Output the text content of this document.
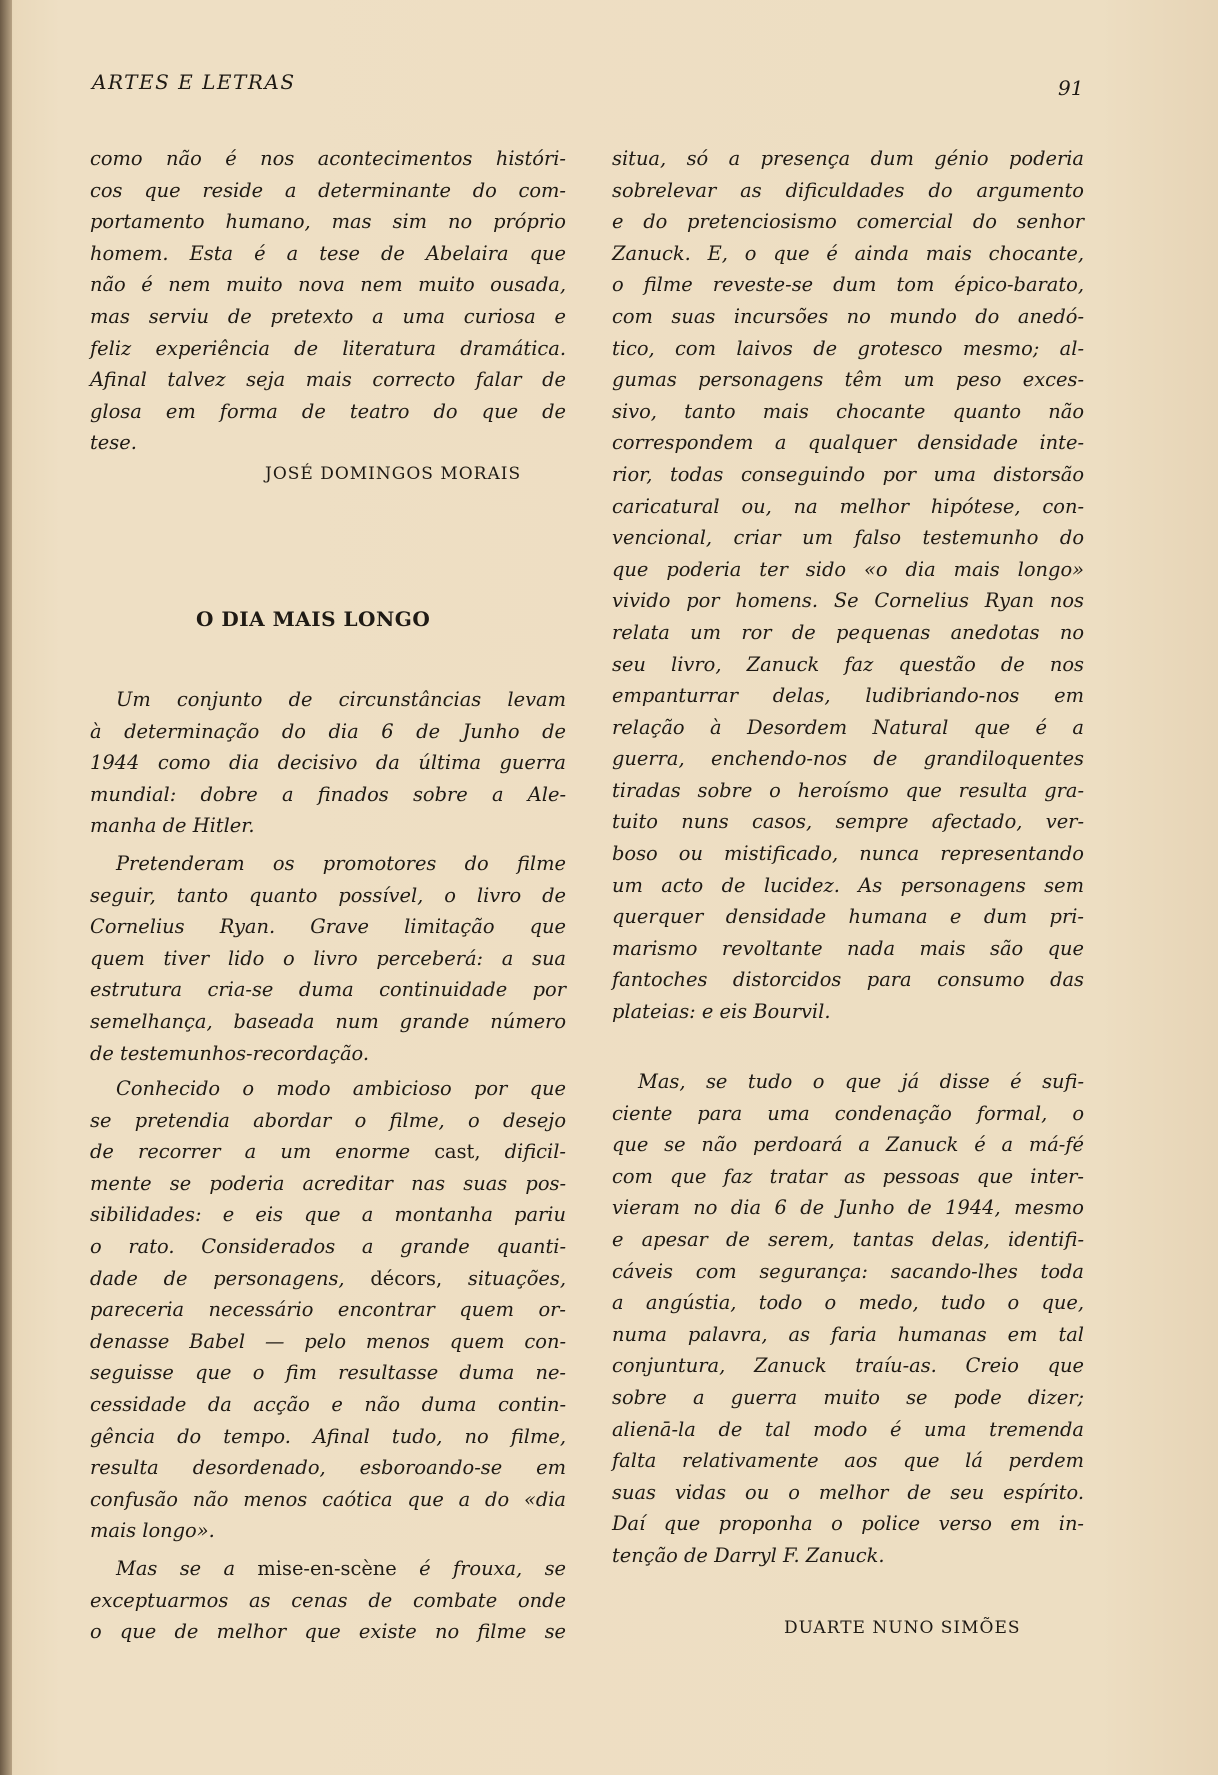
ARTES E LETRAS	91
como não é nos acontecimentos históri-
cos que reside a determinante do com-
portamento humano, mas sim no próprio
homem. Esta é a tese de Abelaira que
não é nem muito nova nem muito ousada,
mas serviu de pretexto a uma curiosa e
feliz experiência de literatura dramática.
Afinal talvez seja mais correcto falar de
glosa em forma de teatro do que de
tese.
JOSÉ DOMINGOS MORAIS
O DIA MAIS LONGO
Um conjunto de circunstâncias levam
à determinação do dia 6 de Junho de
1944 como dia decisivo da última guerra
mundial: dobre a finados sobre a Ale-
manha de Hitler.
Pretenderam os promotores do filme
seguir, tanto quanto possível, o livro de
Cornelius Ryan. Grave limitação que
quem tiver lido o livro perceberá: a sua
estrutura cria-se duma continuidade por
semelhança, baseada num grande número
de testemunhos-recordação.
Conhecido o modo ambicioso por que
se pretendia abordar o filme, o desejo
de recorrer a um enorme cast, dificil-
mente se poderia acreditar nas suas pos-
sibilidades: e eis que a montanha pariu
o rato. Considerados a grande quanti-
dade de personagens, décors, situações,
pareceria necessário encontrar quem or-
denasse Babel — pelo menos quem con-
seguisse que o fim resultasse duma ne-
cessidade da acção e não duma contin-
gência do tempo. Afinal tudo, no filme,
resulta desordenado, esboroando-se em
confusão não menos caótica que a do «dia
mais longo».
Mas se a mise-en-scène é frouxa, se
exceptuarmos as cenas de combate onde
o que de melhor que existe no filme se
situa, só a presença dum génio poderia
sobrelevar as dificuldades do argumento
e do pretenciosismo comercial do senhor
Zanuck. E, o que é ainda mais chocante,
o filme reveste-se dum tom épico-barato,
com suas incursões no mundo do anedó-
tico, com laivos de grotesco mesmo; al-
gumas personagens têm um peso exces-
sivo, tanto mais chocante quanto não
correspondem a qualquer densidade inte-
rior, todas conseguindo por uma distorsão
caricatural ou, na melhor hipótese, con-
vencional, criar um falso testemunho do
que poderia ter sido «o dia mais longo»
vivido por homens. Se Cornelius Ryan nos
relata um ror de pequenas anedotas no
seu livro, Zanuck faz questão de nos
empanturrar delas, ludibriando-nos em
relação à Desordem Natural que é a
guerra, enchendo-nos de grandiloquentes
tiradas sobre o heroísmo que resulta gra-
tuito nuns casos, sempre afectado, ver-
boso ou mistificado, nunca representando
um acto de lucidez. As personagens sem
querquer densidade humana e dum pri-
marismo revoltante nada mais são que
fantoches distorcidos para consumo das
plateias: e eis Bourvil.
Mas, se tudo o que já disse é sufi-
ciente para uma condenação formal, o
que se não perdoará a Zanuck é a má-fé
com que faz tratar as pessoas que inter-
vieram no dia 6 de Junho de 1944, mesmo
e apesar de serem, tantas delas, identifi-
cáveis com segurança: sacando-lhes toda
a angústia, todo o medo, tudo o que,
numa palavra, as faria humanas em tal
conjuntura, Zanuck traíu-as. Creio que
sobre a guerra muito se pode dizer;
alienā-la de tal modo é uma tremenda
falta relativamente aos que lá perdem
suas vidas ou o melhor de seu espírito.
Daí que proponha o police verso em in-
tenção de Darryl F. Zanuck.
DUARTE NUNO SIMÕES
